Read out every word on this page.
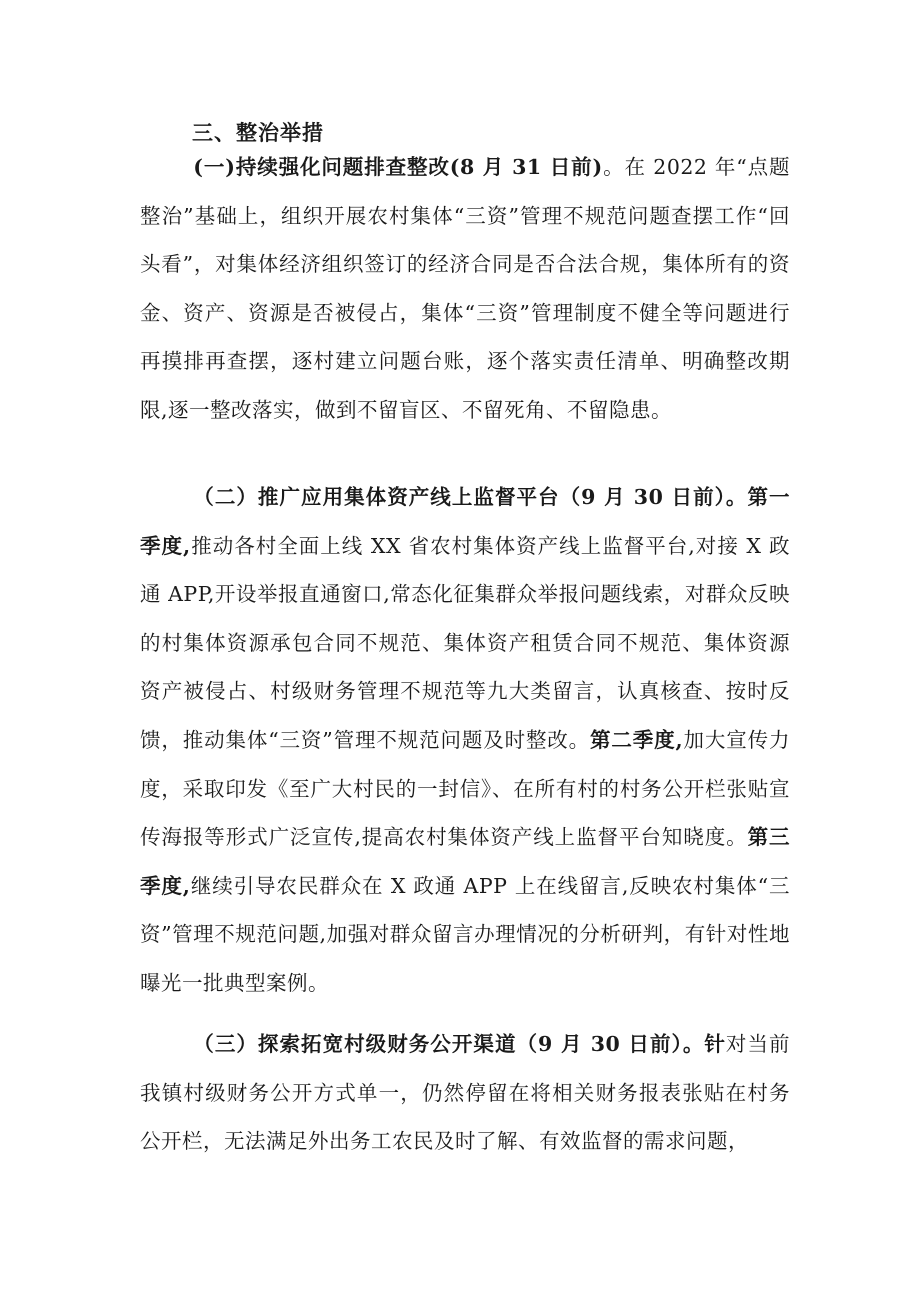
三、整治举措

(一)持续强化问题排查整改(8 月 31 日前)。在 2022 年“点题整治”基础上，组织开展农村集体“三资”管理不规范问题查摆工作“回头看”，对集体经济组织签订的经济合同是否合法合规，集体所有的资金、资产、资源是否被侵占，集体“三资”管理制度不健全等问题进行再摸排再查摆，逐村建立问题台账，逐个落实责任清单、明确整改期限,逐一整改落实，做到不留盲区、不留死角、不留隐患。

（二）推广应用集体资产线上监督平台（9 月 30 日前）。第一季度,推动各村全面上线 XX 省农村集体资产线上监督平台,对接 X 政通 APP,开设举报直通窗口,常态化征集群众举报问题线索，对群众反映的村集体资源承包合同不规范、集体资产租赁合同不规范、集体资源资产被侵占、村级财务管理不规范等九大类留言，认真核查、按时反馈，推动集体“三资”管理不规范问题及时整改。第二季度,加大宣传力度，采取印发《至广大村民的一封信》、在所有村的村务公开栏张贴宣传海报等形式广泛宣传,提高农村集体资产线上监督平台知晓度。第三季度,继续引导农民群众在 X 政通 APP 上在线留言,反映农村集体“三资”管理不规范问题,加强对群众留言办理情况的分析研判，有针对性地曝光一批典型案例。

（三）探索拓宽村级财务公开渠道（9 月 30 日前）。针对当前我镇村级财务公开方式单一，仍然停留在将相关财务报表张贴在村务公开栏，无法满足外出务工农民及时了解、有效监督的需求问题，
